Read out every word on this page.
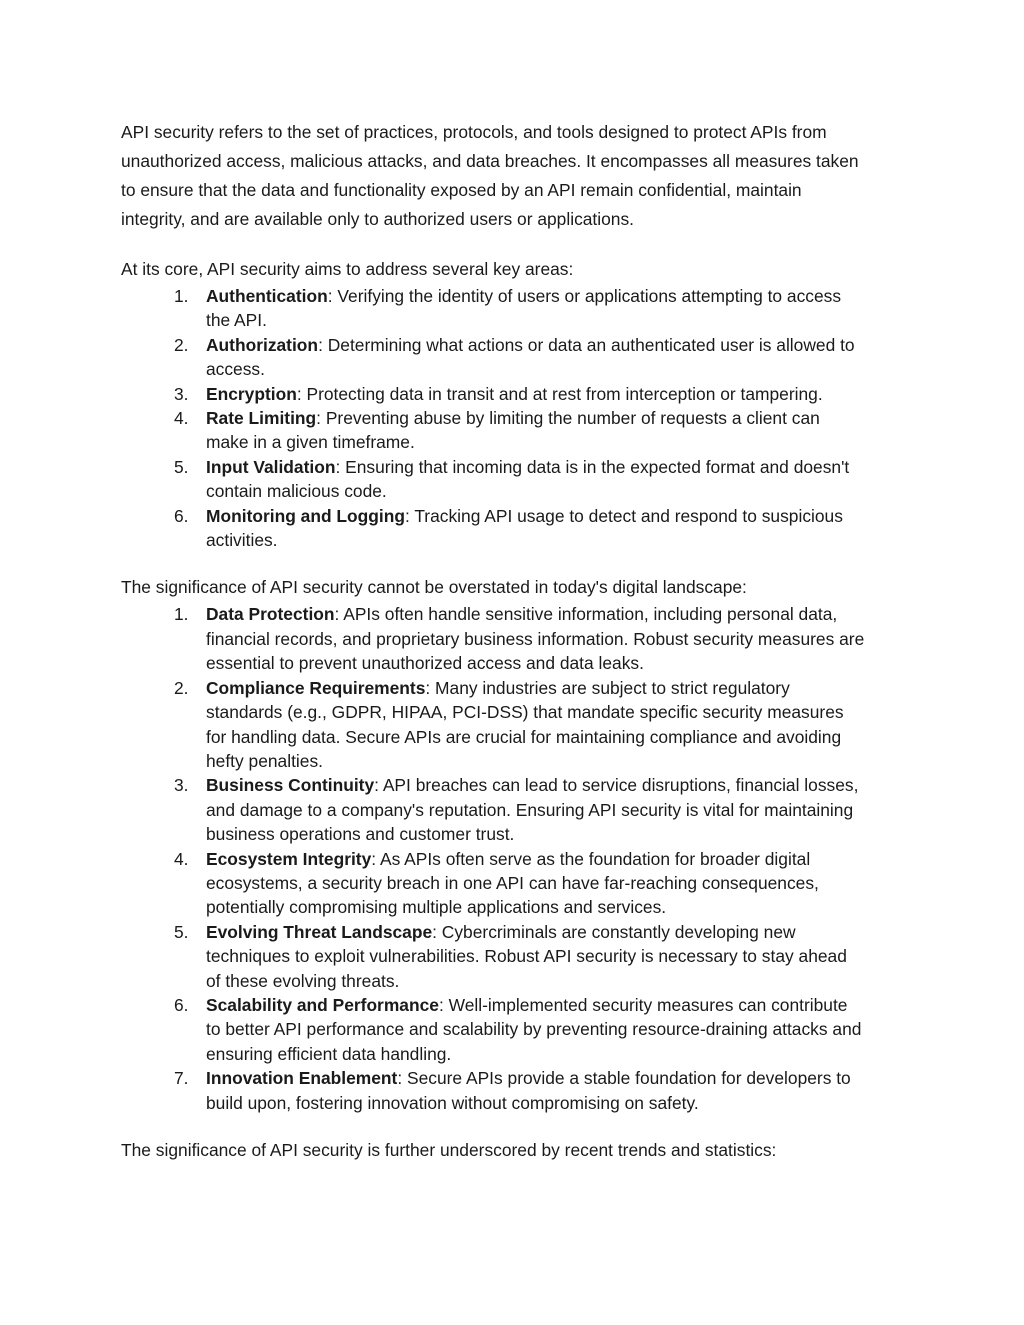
API security refers to the set of practices, protocols, and tools designed to protect APIs from
unauthorized access, malicious attacks, and data breaches. It encompasses all measures taken
to ensure that the data and functionality exposed by an API remain confidential, maintain
integrity, and are available only to authorized users or applications.

At its core, API security aims to address several key areas:

1. Authentication: Verifying the identity of users or applications attempting to access
the API.
2. Authorization: Determining what actions or data an authenticated user is allowed to
access.
3. Encryption: Protecting data in transit and at rest from interception or tampering.
4. Rate Limiting: Preventing abuse by limiting the number of requests a client can
make in a given timeframe.
5. Input Validation: Ensuring that incoming data is in the expected format and doesn't
contain malicious code.
6. Monitoring and Logging: Tracking API usage to detect and respond to suspicious
activities.

The significance of API security cannot be overstated in today's digital landscape:

1. Data Protection: APIs often handle sensitive information, including personal data,
financial records, and proprietary business information. Robust security measures are
essential to prevent unauthorized access and data leaks.
2. Compliance Requirements: Many industries are subject to strict regulatory
standards (e.g., GDPR, HIPAA, PCI-DSS) that mandate specific security measures
for handling data. Secure APIs are crucial for maintaining compliance and avoiding
hefty penalties.
3. Business Continuity: API breaches can lead to service disruptions, financial losses,
and damage to a company's reputation. Ensuring API security is vital for maintaining
business operations and customer trust.
4. Ecosystem Integrity: As APIs often serve as the foundation for broader digital
ecosystems, a security breach in one API can have far-reaching consequences,
potentially compromising multiple applications and services.
5. Evolving Threat Landscape: Cybercriminals are constantly developing new
techniques to exploit vulnerabilities. Robust API security is necessary to stay ahead
of these evolving threats.
6. Scalability and Performance: Well-implemented security measures can contribute
to better API performance and scalability by preventing resource-draining attacks and
ensuring efficient data handling.
7. Innovation Enablement: Secure APIs provide a stable foundation for developers to
build upon, fostering innovation without compromising on safety.

The significance of API security is further underscored by recent trends and statistics:
